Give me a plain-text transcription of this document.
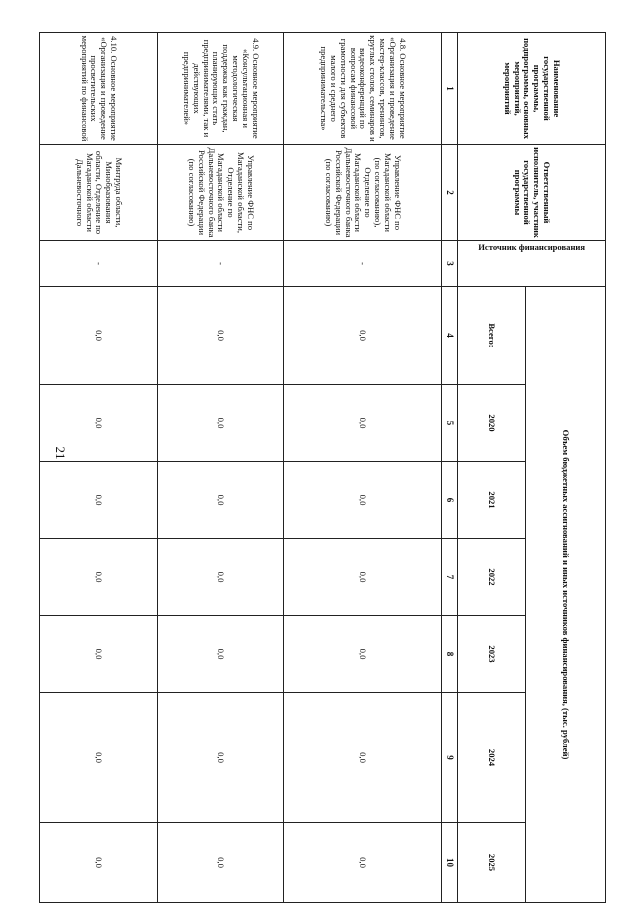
21
Наименование государственной программы, подпрограммы, основных мероприятий, мероприятий	Ответственный исполнитель, участник государственной программы	Источник финансирования	Объем бюджетных ассигнований и иных источников финансирования, (тыс. рублей)						
			Всего:	2020	2021	2022	2023	2024	2025
1	2	3	4	5	6	7	8	9	10
4.8. Основное мероприятие «Организация и проведение мастер-классов, тренингов, круглых столов, семинаров и видеоконференций по вопросам финансовой грамотности для субъектов малого и среднего предпринимательства»	Управление ФНС по Магаданской области (по согласованию), Отделение по Магаданской области Дальневосточного банка Российской Федерации (по согласованию)	-	0,0	0,0	0,0	0,0	0,0	0,0	0,0
4.9. Основное мероприятие «Консультационная и методологическая поддержка как граждан, планирующих стать предпринимателями, так и действующих предпринимателей»	Управление ФНС по Магаданской области, Отделение по Магаданской области Дальневосточного банка Российской Федерации (по согласованию)	-	0,0	0,0	0,0	0,0	0,0	0,0	0,0
4.10. Основное мероприятие «Организация и проведение просветительских мероприятий по финансовой	Минтруда области, Минобразования области, Отделение по Магаданской области Дальневосточного	-	0,0	0,0	0,0	0,0	0,0	0,0	0,0
